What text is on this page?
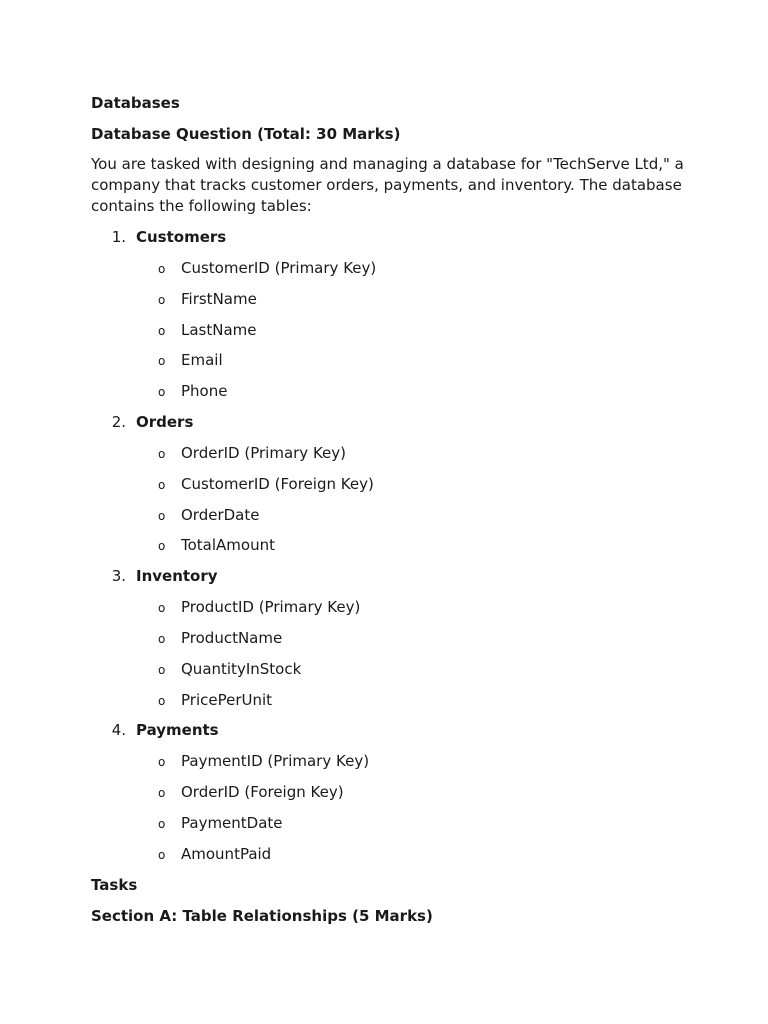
Databases
Database Question (Total: 30 Marks)
You are tasked with designing and managing a database for "TechServe Ltd," a
company that tracks customer orders, payments, and inventory. The database
contains the following tables:
1. Customers
o CustomerID (Primary Key)
o FirstName
o LastName
o Email
o Phone
2. Orders
o OrderID (Primary Key)
o CustomerID (Foreign Key)
o OrderDate
o TotalAmount
3. Inventory
o ProductID (Primary Key)
o ProductName
o QuantityInStock
o PricePerUnit
4. Payments
o PaymentID (Primary Key)
o OrderID (Foreign Key)
o PaymentDate
o AmountPaid
Tasks
Section A: Table Relationships (5 Marks)
